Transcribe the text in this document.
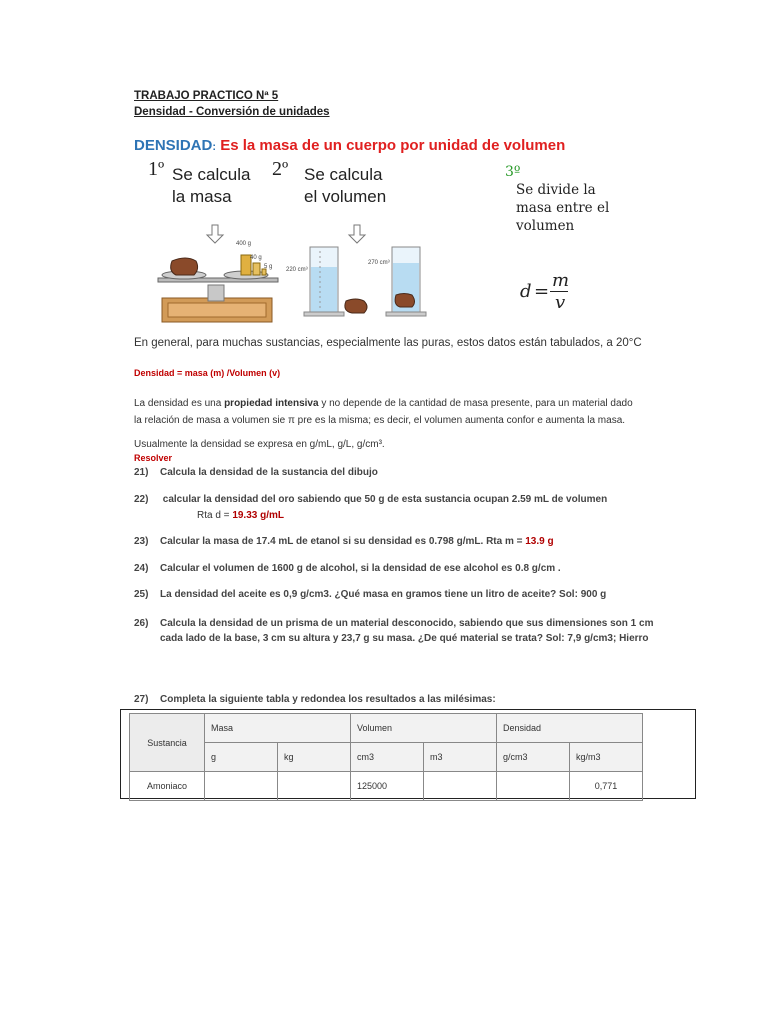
TRABAJO PRACTICO Nª 5
Densidad - Conversión de unidades
DENSIDAD: Es la masa de un cuerpo por unidad de volumen
1º Se calcula
la masa
2º Se calcula
el volumen
3º
Se divide la
masa entre el
volumen
400 g
40 g
5 g 220 cm³
270 cm³
d =
m
v
En general, para muchas sustancias, especialmente las puras, estos datos están tabulados, a 20°C
Densidad = masa (m) /Volumen (v)
La densidad es una propiedad intensiva y no depende de la cantidad de masa presente, para un material dado
la relación de masa a volumen sie π pre es la misma; es decir, el volumen aumenta confor e aumenta la masa.
Usualmente la densidad se expresa en g/mL, g/L, g/cm³.
Resolver
21) Calcula la densidad de la sustancia del dibujo
22) calcular la densidad del oro sabiendo que 50 g de esta sustancia ocupan 2.59 mL de volumen
Rta d = 19.33 g/mL
23) Calcular la masa de 17.4 mL de etanol si su densidad es 0.798 g/mL. Rta m = 13.9 g
24) Calcular el volumen de 1600 g de alcohol, si la densidad de ese alcohol es 0.8 g/cm .
25) La densidad del aceite es 0,9 g/cm3. ¿Qué masa en gramos tiene un litro de aceite? Sol: 900 g
26) Calcula la densidad de un prisma de un material desconocido, sabiendo que sus dimensiones son 1 cm
cada lado de la base, 3 cm su altura y 23,7 g su masa. ¿De qué material se trata? Sol: 7,9 g/cm3; Hierro
27) Completa la siguiente tabla y redondea los resultados a las milésimas:
Sustancia	Masa		Volumen		Densidad	
	g	kg	cm3	m3	g/cm3	kg/m3
Amoniaco			125000			0,771
